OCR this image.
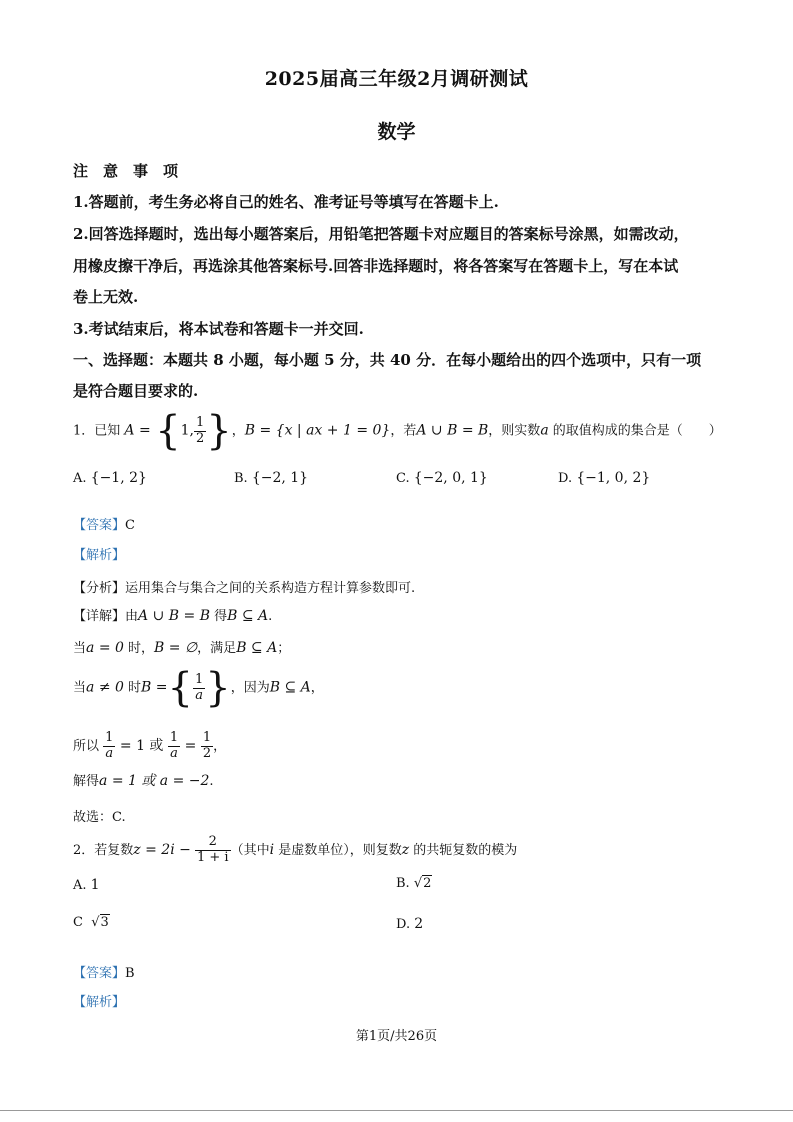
2025届高三年级2月调研测试
数学
注　意　事　项
1.答题前，考生务必将自己的姓名、准考证号等填写在答题卡上.
2.回答选择题时，选出每小题答案后，用铅笔把答题卡对应题目的答案标号涂黑，如需改动，
用橡皮擦干净后，再选涂其他答案标号.回答非选择题时，将各答案写在答题卡上，写在本试
卷上无效.
3.考试结束后，将本试卷和答题卡一并交回.
一、选择题：本题共 8 小题，每小题 5 分，共 40 分．在每小题给出的四个选项中，只有一项
是符合题目要求的.
1．已知 A = {1, $\frac{1}{2}$ }，B = {x | ax + 1 = 0}，若A ∪ B = B，则实数a 的取值构成的集合是（　　）
A. {−1, 2}	B. {−2, 1}	C. {−2, 0, 1}	D. {−1, 0, 2}
【答案】C
【解析】
【分析】运用集合与集合之间的关系构造方程计算参数即可.
【详解】由A ∪ B = B 得B ⊆ A.
当a = 0 时，B = ∅，满足B ⊆ A；
当a ≠ 0 时B ={ $\frac{1}{a}$ }，因为B ⊆ A，
所以 $\frac{1}{a} = 1$ 或 $\frac{1}{a} = \frac{1}{2}$ ，
解得a = 1 或 a = −2.
故选：C.
2．若复数$z = 2i - \frac{2}{1 + i}$ （其中i 是虚数单位），则复数z 的共轭复数的模为
A. 1	B. √2
C √3	D. 2
【答案】B
【解析】
第1页/共26页
